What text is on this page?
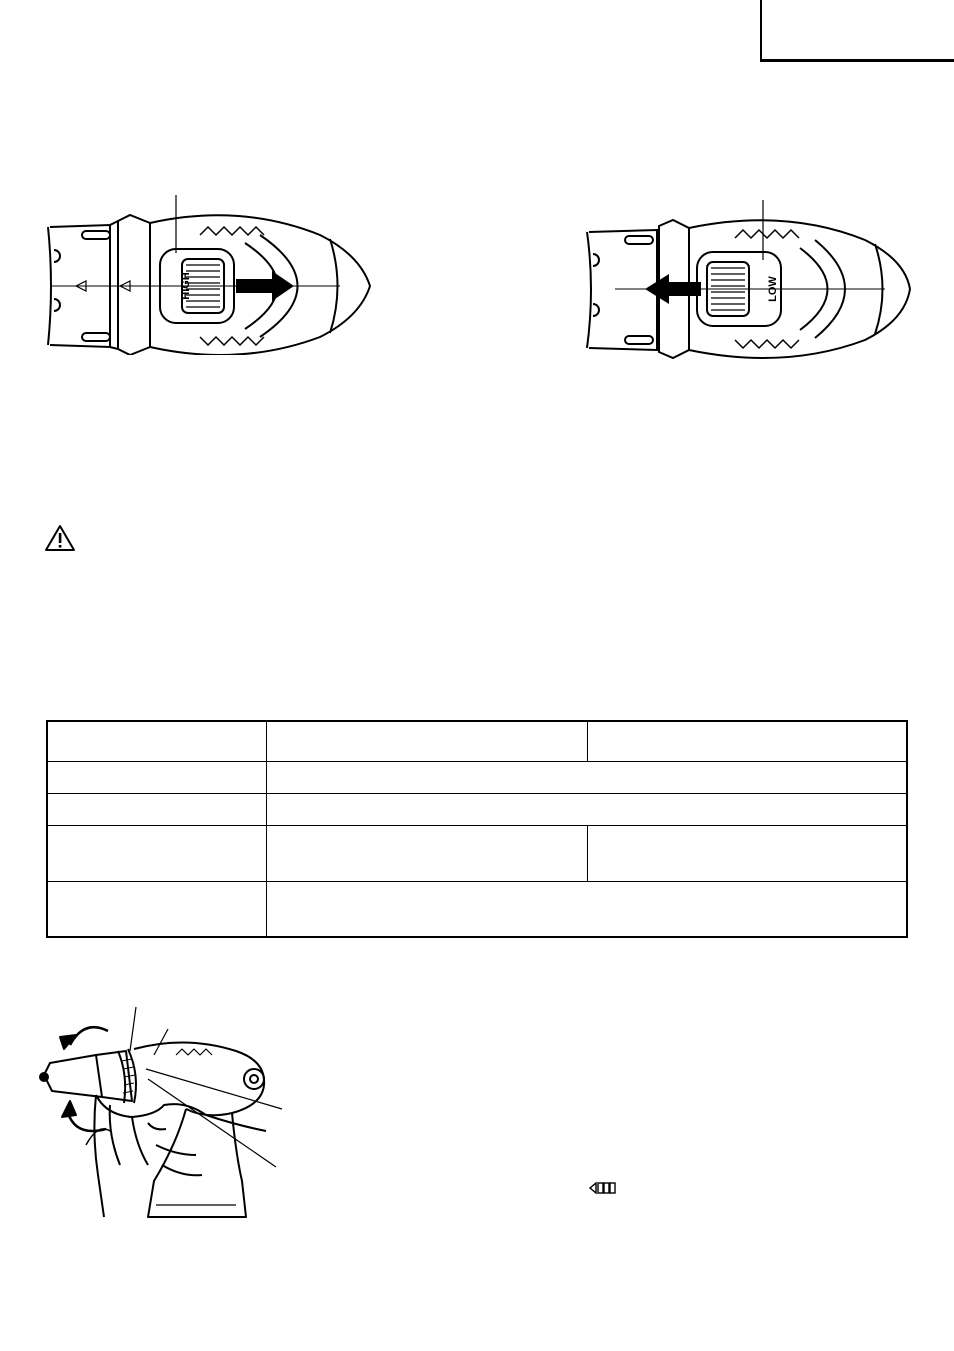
HIGH	LOW
